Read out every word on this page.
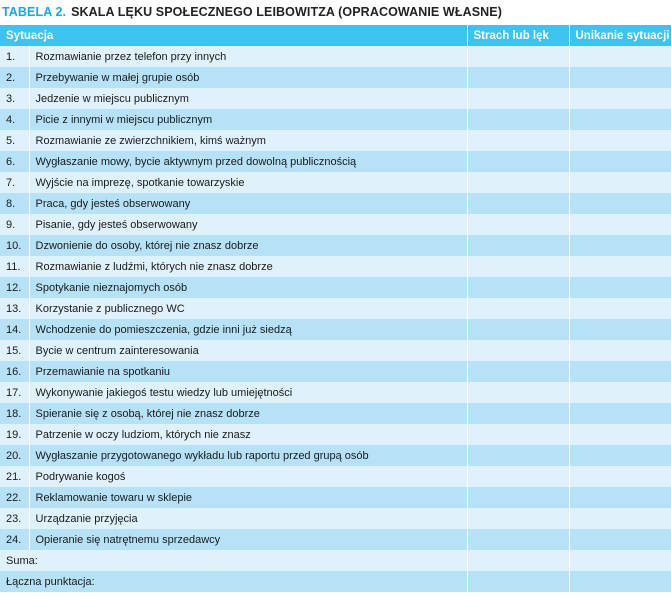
TABELA 2. SKALA LĘKU SPOŁECZNEGO LEIBOWITZA (OPRACOWANIE WŁASNE)
Sytuacja		Strach lub lęk	Unikanie sytuacji
1.	Rozmawianie przez telefon przy innych		
2.	Przebywanie w małej grupie osób		
3.	Jedzenie w miejscu publicznym		
4.	Picie z innymi w miejscu publicznym		
5.	Rozmawianie ze zwierzchnikiem, kimś ważnym		
6.	Wygłaszanie mowy, bycie aktywnym przed dowolną publicznością		
7.	Wyjście na imprezę, spotkanie towarzyskie		
8.	Praca, gdy jesteś obserwowany		
9.	Pisanie, gdy jesteś obserwowany		
10.	Dzwonienie do osoby, której nie znasz dobrze		
11.	Rozmawianie z ludźmi, których nie znasz dobrze		
12.	Spotykanie nieznajomych osób		
13.	Korzystanie z publicznego WC		
14.	Wchodzenie do pomieszczenia, gdzie inni już siedzą		
15.	Bycie w centrum zainteresowania		
16.	Przemawianie na spotkaniu		
17.	Wykonywanie jakiegoś testu wiedzy lub umiejętności		
18.	Spieranie się z osobą, której nie znasz dobrze		
19.	Patrzenie w oczy ludziom, których nie znasz		
20.	Wygłaszanie przygotowanego wykładu lub raportu przed grupą osób		
21.	Podrywanie kogoś		
22.	Reklamowanie towaru w sklepie		
23.	Urządzanie przyjęcia		
24.	Opieranie się natrętnemu sprzedawcy		
Suma:			
Łączna punktacja:			
